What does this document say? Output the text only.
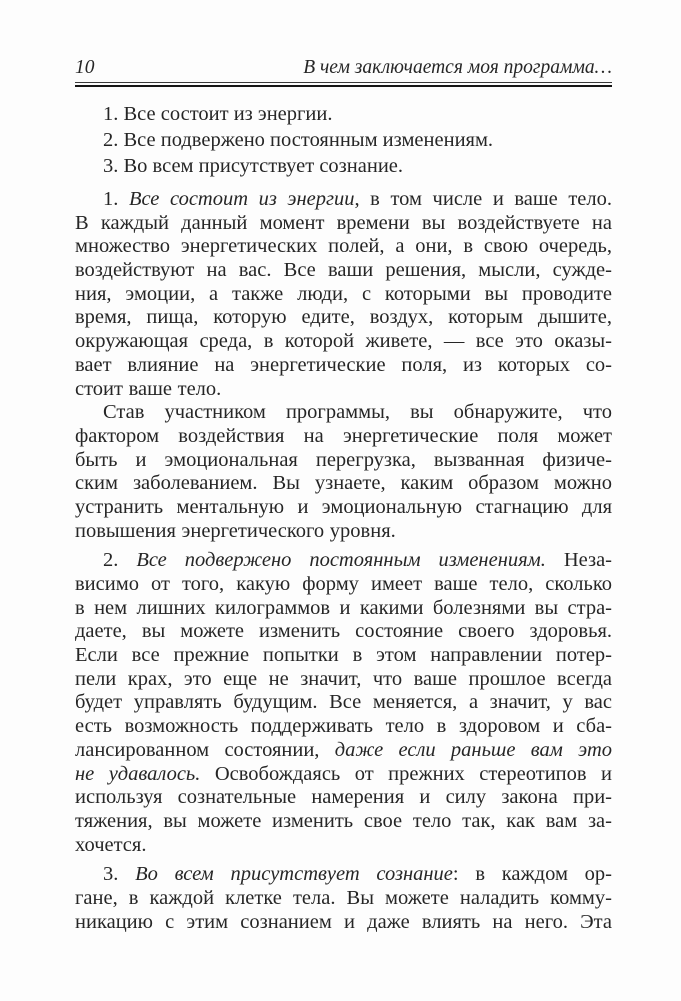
10	В чем заключается моя программа…
1. Все состоит из энергии.
2. Все подвержено постоянным изменениям.
3. Во всем присутствует сознание.
1. Все состоит из энергии, в том числе и ваше тело.
В каждый данный момент времени вы воздействуете на
множество энергетических полей, а они, в свою очередь,
воздействуют на вас. Все ваши решения, мысли, сужде-
ния, эмоции, а также люди, с которыми вы проводите
время, пища, которую едите, воздух, которым дышите,
окружающая среда, в которой живете, — все это оказы-
вает влияние на энергетические поля, из которых со-
стоит ваше тело.
Став участником программы, вы обнаружите, что
фактором воздействия на энергетические поля может
быть и эмоциональная перегрузка, вызванная физиче-
ским заболеванием. Вы узнаете, каким образом можно
устранить ментальную и эмоциональную стагнацию для
повышения энергетического уровня.
2. Все подвержено постоянным изменениям. Неза-
висимо от того, какую форму имеет ваше тело, сколько
в нем лишних килограммов и какими болезнями вы стра-
даете, вы можете изменить состояние своего здоровья.
Если все прежние попытки в этом направлении потер-
пели крах, это еще не значит, что ваше прошлое всегда
будет управлять будущим. Все меняется, а значит, у вас
есть возможность поддерживать тело в здоровом и сба-
лансированном состоянии, даже если раньше вам это
не удавалось. Освобождаясь от прежних стереотипов и
используя сознательные намерения и силу закона при-
тяжения, вы можете изменить свое тело так, как вам за-
хочется.
3. Во всем присутствует сознание: в каждом ор-
гане, в каждой клетке тела. Вы можете наладить комму-
никацию с этим сознанием и даже влиять на него. Эта
